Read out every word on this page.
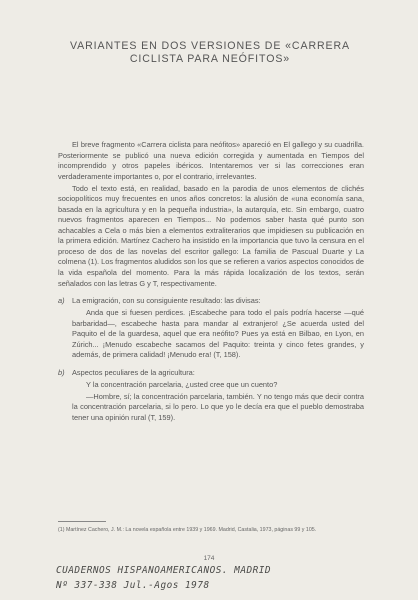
VARIANTES EN DOS VERSIONES DE «CARRERA
CICLISTA PARA NEÓFITOS»

El breve fragmento «Carrera ciclista para neófitos» apareció en El gallego y su cuadrilla. Posteriormente se publicó una nueva edición corregida y aumentada en Tiempos del incomprendido y otros papeles ibéricos. Intentaremos ver si las correcciones eran verdaderamente importantes o, por el contrario, irrelevantes.

Todo el texto está, en realidad, basado en la parodia de unos elementos de clichés sociopolíticos muy frecuentes en unos años concretos: la alusión de «una economía sana, basada en la agricultura y en la pequeña industria», la autarquía, etc. Sin embargo, cuatro nuevos fragmentos aparecen en Tiempos... No podemos saber hasta qué punto son achacables a Cela o más bien a elementos extraliterarios que impidiesen su publicación en la primera edición. Martínez Cachero ha insistido en la importancia que tuvo la censura en el proceso de dos de las novelas del escritor gallego: La familia de Pascual Duarte y La colmena (1). Los fragmentos aludidos son los que se refieren a varios aspectos conocidos de la vida española del momento. Para la más rápida localización de los textos, serán señalados con las letras G y T, respectivamente.

a) La emigración, con su consiguiente resultado: las divisas:

Anda que si fuesen perdices. ¡Escabeche para todo el país podría hacerse —qué barbaridad—, escabeche hasta para mandar al extranjero! ¿Se acuerda usted del Paquito el de la guardesa, aquel que era neófito? Pues ya está en Bilbao, en Lyon, en Zúrich... ¡Menudo escabeche sacamos del Paquito: treinta y cinco fetes grandes, y además, de primera calidad! ¡Menudo era! (T, 158).

b) Aspectos peculiares de la agricultura:

Y la concentración parcelaria, ¿usted cree que un cuento?

—Hombre, sí; la concentración parcelaria, también. Y no tengo más que decir contra la concentración parcelaria, si lo pero. Lo que yo le decía era que el pueblo demostraba tener una opinión rural (T, 159).

(1) Martínez Cachero, J. M.: La novela española entre 1939 y 1969. Madrid, Castalia, 1973, páginas 99 y 105.
174
CUADERNOS HISPANOAMERICANOS. MADRID
Nº 337-338 Jul.-Agos 1978
